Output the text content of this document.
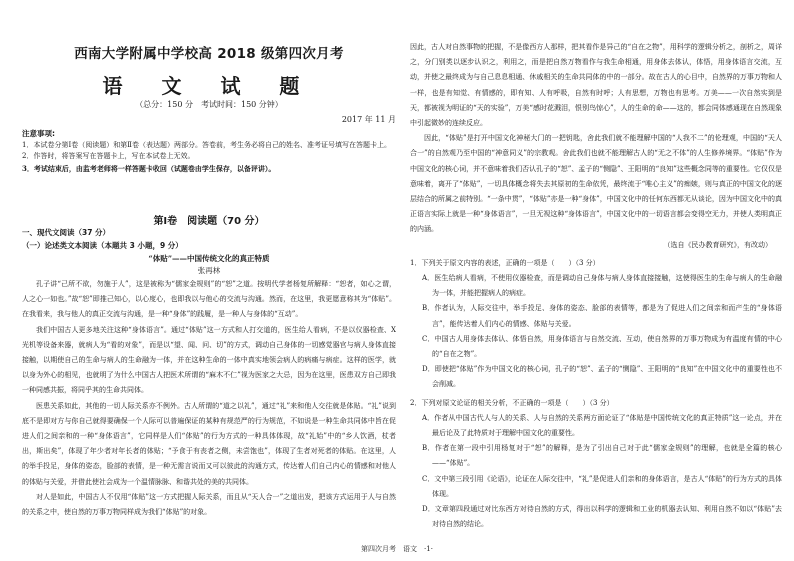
西南大学附属中学校高 2018 级第四次月考
语 文 试 题
（总分：150 分　考试时间：150 分钟）
2017 年 11 月
注意事项:

1．本试卷分第Ⅰ卷（阅读题）和第Ⅱ卷（表达题）两部分。答卷前，考生务必将自己的姓名、准考证号填写在答题卡上。

2．作答时，将答案写在答题卡上，写在本试卷上无效。

3．考试结束后，由监考老师将一样答题卡收回（试题卷由学生保存，以备评讲）。

第Ⅰ卷　阅读题（70 分）
一、现代文阅读（37 分）
（一）论述类文本阅读（本题共 3 小题，9 分）
“体贴”——中国传统文化的真正特质
张再林

孔子讲“己所不欲，勿施于人”，这是被称为“儒家金规则”的“恕”之道。按明代学者杨复所解释：“恕者，如心之谓，人之心一如也。”故“恕”即推己知心，以心度心，也即我以与他心的交流与沟通。然而，在这里，我更愿意称其为“体贴”。在我看来，我与他人的真正交流与沟通，是一种“身体”的践履，是一种人与身体的“互动”。

我们中国古人更多地关注这种“身体语言”。通过“体贴”这一方式和人打交道的，医生给人看病，不是以仪器检查、X 光机等设备来器，就病人为“看的对象”，而是以“望、闻、问、切”的方式，调动自己身体的一切感觉器官与病人身体直接接触，以期使自己的生命与病人的生命融为一体，并在这种生命的一体中真实地领会病人的病痛与病症。这样的医学，就以身为外心的相见，也就明了为什么中国古人把医术所谓的“麻木不仁”视为医家之大忌，因为在这里，医患双方自己即我一种同感共振，将同乎其的生命共同体。

医患关系如此，其他的一切人际关系亦不例外。古人所谓的“道之以礼”，通过“礼”来和他人交往就是体贴。“礼”说到底不是即对方与你自己就得要确保一个人际可以普遍保证的某种有规范严的行为规范，不如说是一种生命共同体中旨在促进人们之间亲和的一种“身体语言”，它同样是人们“体贴”的行为方式的一种具体体现，故“礼始”中的“乡人饮酒，杖者出，斯出矣”，体现了年少者对年长者的体贴；“予食于有丧者之侧，未尝饱也”，体现了生者对死者的体贴。在这里，人的举手投足，身体的姿态，脸部的表情，是一种无需言说而又可以彼此的沟通方式，传达着人们自己内心的情感和对他人的体贴与关爱，并借此使社会成为一个温情脉脉、和谐共处的美的共同体。

对人是如此，中国古人不仅用“体贴”这一方式把握人际关系，而且从“天人合一”之道出发，把该方式运用于人与自然的关系之中，使自然的万事万物同样成为我们“体贴”的对象。

因此，古人对自然事物的把握，不是像西方人那样，把其看作是异己的“自在之物”，用科学的逻辑分析之，剖析之，周详之，分门别类以逐步认识之，利用之，而是把自然万物看作与我生命相通，用身体去体认，体悟，用身体语言交流，互动，并使之最终成为与自己息息相通、休戚相关的生命共同体的中的一部分。故在古人的心目中，自然界的万事万物和人一样，也是有知觉、有情感的，即有知、人有呼吸，自然有时呼；人有思想，万物也有思考。万美——一次自然实到是天，都被视为明证的“天的实验”，万美“感时花溅泪，恨别鸟惊心”，人的生命的命——这的，都会同体感通现在自然现象中引起微妙的连续反应。

因此，“体贴”是打开中国文化神秘大门的一把钥匙，舍此我们就不能理解中国的“人我不二”的伦理观，中国的“天人合一”的自然观乃至中国的“神意同义”的宗教观。舍此我们也就不能理解古人的“无之不体”的人生修养境界。“体贴”作为中国文化的核心词，并不意味着我们否认孔子的“恕”、孟子的“恻隐”、王阳明的“良知”这些概念同等的重要性。它仅仅是意味着，离开了“体贴”，一切具体概念将失去其原初的生命依凭，最终流于“唯心主义”的痴嫉，则与真正的中国文化的逐层结合的所属之前特别。“一条中贯”，“体贴”亦是一种“身体”，中国文化中的任何东西都无从谈论，因为中国文化中的真正语言实际上就是一种“身体语言”，一旦无视这种“身体语言”，中国文化中的一切语言都会变得空无力，并使人类明真正的内涵。

（选自《民办教育研究》，有改动）

1．下列关于原文内容的表述，正确的一项是（　　）（3 分）

A．医生给病人看病，不使用仪器检查，而是调动自己身体与病人身体直接接触，这使得医生的生命与病人的生命融为一体，并能把握病人的病症。

B．作者认为，人际交往中，举手投足、身体的姿态、脸部的表情等，都是为了促进人们之间亲和而产生的“身体语言”，能传达着人们内心的情感、体贴与关爱。

C．中国古人用身体去体认、体悟自然，用身体语言与自然交流、互动，使自然界的万事万物成为有温度有情的中心的“自在之物”。

D．即使把“体贴”作为中国文化的核心词，孔子的“恕”、孟子的“恻隐”、王阳明的“良知”在中国文化中的重要性也不会削减。

2．下列对原文论证的相关分析，不正确的一项是（　　）（3 分）

A．作者从中国古代人与人的关系、人与自然的关系两方面论证了“体贴是中国传统文化的真正特质”这一论点，并在最后论及了此特质对于理解中国文化的重要性。

B．作者在第一段中引用杨复对于“恕”的解释，是为了引出自己对于此“儒家金规则”的理解，也就是全篇的核心——“体贴”。

C．文中第三段引用《论语》，论证在人际交往中，“礼”是促进人们亲和的身体语言，是古人“体贴”的行为方式的具体体现。

D．文章第四段通过对比东西方对待自然的方式，得出以科学的逻辑和工业的机器去认知、利用自然不如以“体贴”去对待自然的结论。

第四次月考　语文　·1·
